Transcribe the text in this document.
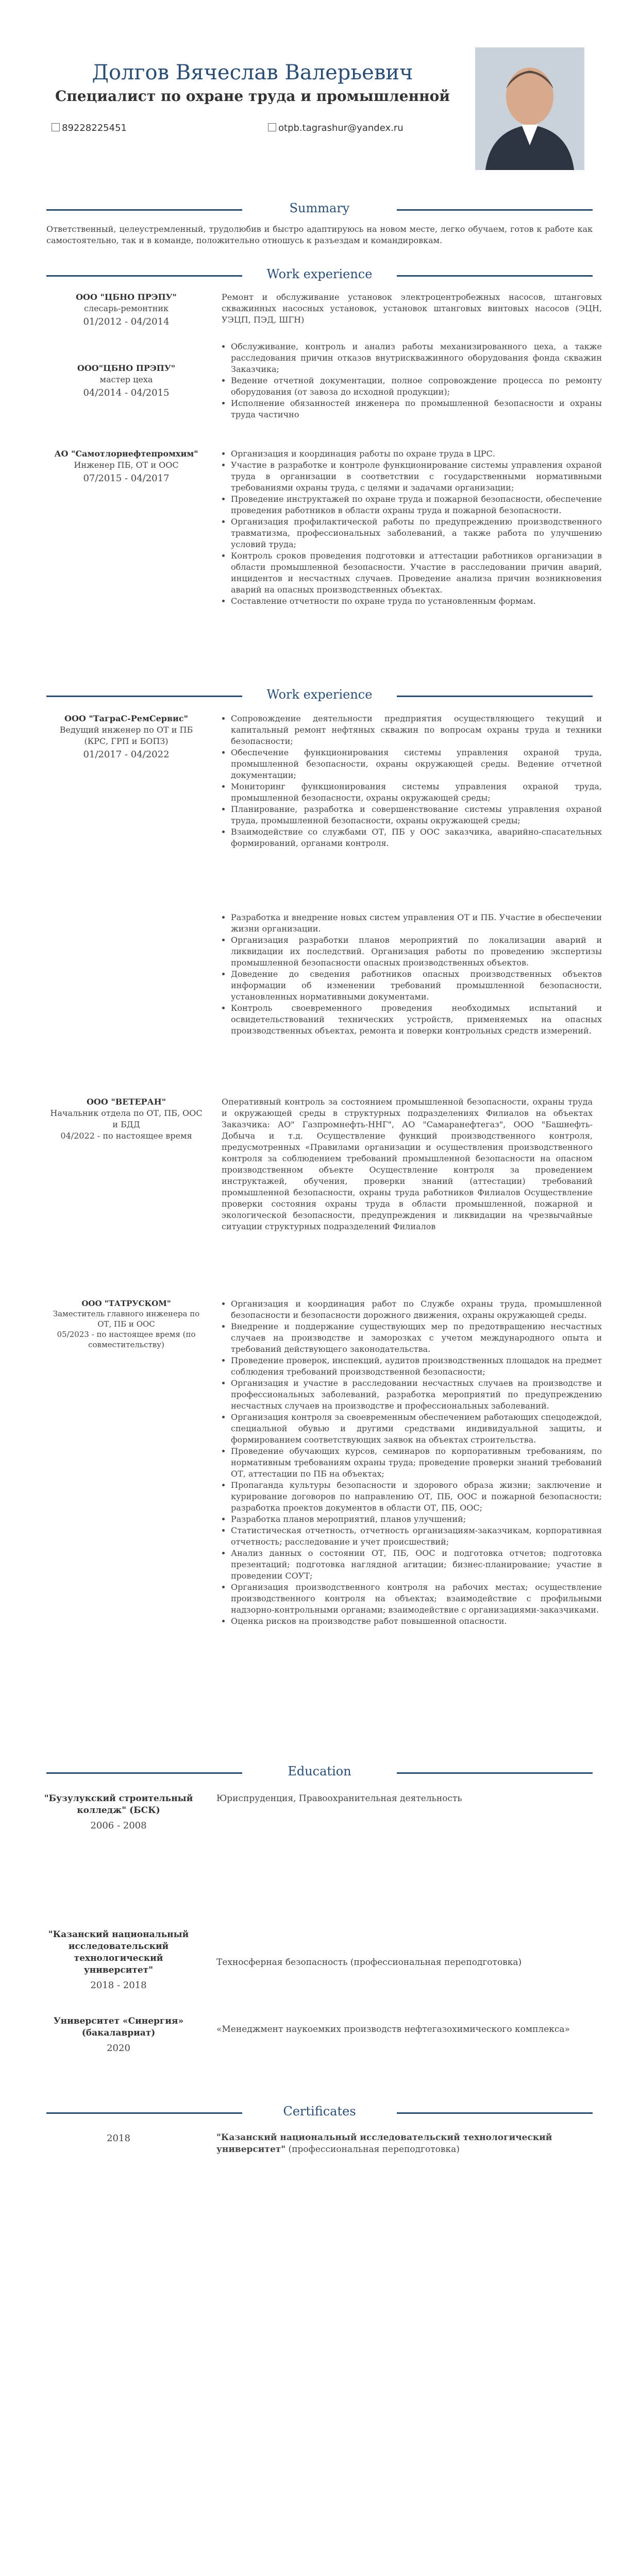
Долгов Вячеслав Валерьевич
Специалист по охране труда и промышленной
89228225451	otpb.tagrashur@yandex.ru
Summary
Ответственный, целеустремленный, трудолюбив и быстро адаптируюсь на новом месте, легко обучаем, готов к работе как самостоятельно, так и в команде, положительно отношусь к разъездам и командировкам.
Work experience
ООО "ЦБНО ПРЭПУ"
слесарь-ремонтник
01/2012 - 04/2014
Ремонт и обслуживание установок электроцентробежных насосов, штанговых скважинных насосных установок, установок штанговых винтовых насосов (ЭЦН, УЭЦП, ПЭД, ШГН)
ООО"ЦБНО ПРЭПУ"
мастер цеха
04/2014 - 04/2015
• Обслуживание, контроль и анализ работы механизированного цеха, а также расследования причин отказов внутрискважинного оборудования фонда скважин Заказчика;
• Ведение отчетной документации, полное сопровождение процесса по ремонту оборудования (от завоза до исходной продукции);
• Исполнение обязанностей инженера по промышленной безопасности и охраны труда частично
АО "Самотлорнефтепромхим"
Инженер ПБ, ОТ и ООС
07/2015 - 04/2017
• Организация и координация работы по охране труда в ЦРС.
• Участие в разработке и контроле функционирование системы управления охраной труда в организации в соответствии с государственными нормативными требованиями охраны труда, с целями и задачами организации;
• Проведение инструктажей по охране труда и пожарной безопасности, обеспечение проведения работников в области охраны труда и пожарной безопасности.
• Организация профилактической работы по предупреждению производственного травматизма, профессиональных заболеваний, а также работа по улучшению условий труда;
• Контроль сроков проведения подготовки и аттестации работников организации в области промышленной безопасности. Участие в расследовании причин аварий, инцидентов и несчастных случаев. Проведение анализа причин возникновения аварий на опасных производственных объектах.
• Составление отчетности по охране труда по установленным формам.
Work experience
ООО "ТаграС-РемСервис"
Ведущий инженер по ОТ и ПБ (КРС, ГРП и БОПЗ)
01/2017 - 04/2022
• Сопровождение деятельности предприятия осуществляющего текущий и капитальный ремонт нефтяных скважин по вопросам охраны труда и техники безопасности;
• Обеспечение функционирования системы управления охраной труда, промышленной безопасности, охраны окружающей среды. Ведение отчетной документации;
• Мониторинг функционирования системы управления охраной труда, промышленной безопасности, охраны окружающей среды;
• Планирование, разработка и совершенствование системы управления охраной труда, промышленной безопасности, охраны окружающей среды;
• Взаимодействие со службами ОТ, ПБ у ООС заказчика, аварийно-спасательных формирований, органами контроля.
• Разработка и внедрение новых систем управления ОТ и ПБ. Участие в обеспечении жизни организации.
• Организация разработки планов мероприятий по локализации аварий и ликвидации их последствий. Организация работы по проведению экспертизы промышленной безопасности опасных производственных объектов.
• Доведение до сведения работников опасных производственных объектов информации об изменении требований промышленной безопасности, установленных нормативными документами.
• Контроль своевременного проведения необходимых испытаний и освидетельствований технических устройств, применяемых на опасных производственных объектах, ремонта и поверки контрольных средств измерений.
ООО "ВЕТЕРАН"
Начальник отдела по ОТ, ПБ, ООС и БДД
04/2022 - по настоящее время
Оперативный контроль за состоянием промышленной безопасности, охраны труда и окружающей среды в структурных подразделениях Филиалов на объектах Заказчика: АО" Газпромнефть-ННГ", АО "Самаранефтегаз", ООО "Башнефть-Добыча и т.д. Осуществление функций производственного контроля, предусмотренных «Правилами организации и осуществления производственного контроля за соблюдением требований промышленной безопасности на опасном производственном объекте Осуществление контроля за проведением инструктажей, обучения, проверки знаний (аттестации) требований промышленной безопасности, охраны труда работников Филиалов Осуществление проверки состояния охраны труда в области промышленной, пожарной и экологической безопасности, предупреждения и ликвидации на чрезвычайные ситуации структурных подразделений Филиалов
ООО "ТАТРУСКОМ"
Заместитель главного инженера по ОТ, ПБ и ООС
05/2023 - по настоящее время (по совместительству)
• Организация и координация работ по Службе охраны труда, промышленной безопасности и безопасности дорожного движения, охраны окружающей среды.
• Внедрение и поддержание существующих мер по предотвращению несчастных случаев на производстве и заморозках с учетом международного опыта и требований действующего законодательства.
• Проведение проверок, инспекций, аудитов производственных площадок на предмет соблюдения требований производственной безопасности;
• Организация и участие в расследовании несчастных случаев на производстве и профессиональных заболеваний, разработка мероприятий по предупреждению несчастных случаев на производстве и профессиональных заболеваний.
• Организация контроля за своевременным обеспечением работающих спецодеждой, специальной обувью и другими средствами индивидуальной защиты, и формированием соответствующих заявок на объектах строительства.
• Проведение обучающих курсов, семинаров по корпоративным требованиям, по нормативным требованиям охраны труда; проведение проверки знаний требований ОТ, аттестации по ПБ на объектах;
• Пропаганда культуры безопасности и здорового образа жизни; заключение и курирование договоров по направлению ОТ, ПБ, ООС и пожарной безопасности; разработка проектов документов в области ОТ, ПБ, ООС;
• Разработка планов мероприятий, планов улучшений;
• Статистическая отчетность, отчетность организациям-заказчикам, корпоративная отчетность; расследование и учет происшествий;
• Анализ данных о состоянии ОТ, ПБ, ООС и подготовка отчетов; подготовка презентаций; подготовка наглядной агитации; бизнес-планирование; участие в проведении СОУТ;
• Организация производственного контроля на рабочих местах; осуществление производственного контроля на объектах; взаимодействие с профильными надзорно-контрольными органами; взаимодействие с организациями-заказчиками.
• Оценка рисков на производстве работ повышенной опасности.
Education
"Бузулукский строительный колледж" (БСК)
2006 - 2008
Юриспруденция, Правоохранительная деятельность
"Казанский национальный исследовательский технологический университет"
2018 - 2018
Техносферная безопасность (профессиональная переподготовка)
Университет «Синергия» (бакалавриат)
2020
«Менеджмент наукоемких производств нефтегазохимического комплекса»
Certificates
2018	"Казанский национальный исследовательский технологический университет" (профессиональная переподготовка)
